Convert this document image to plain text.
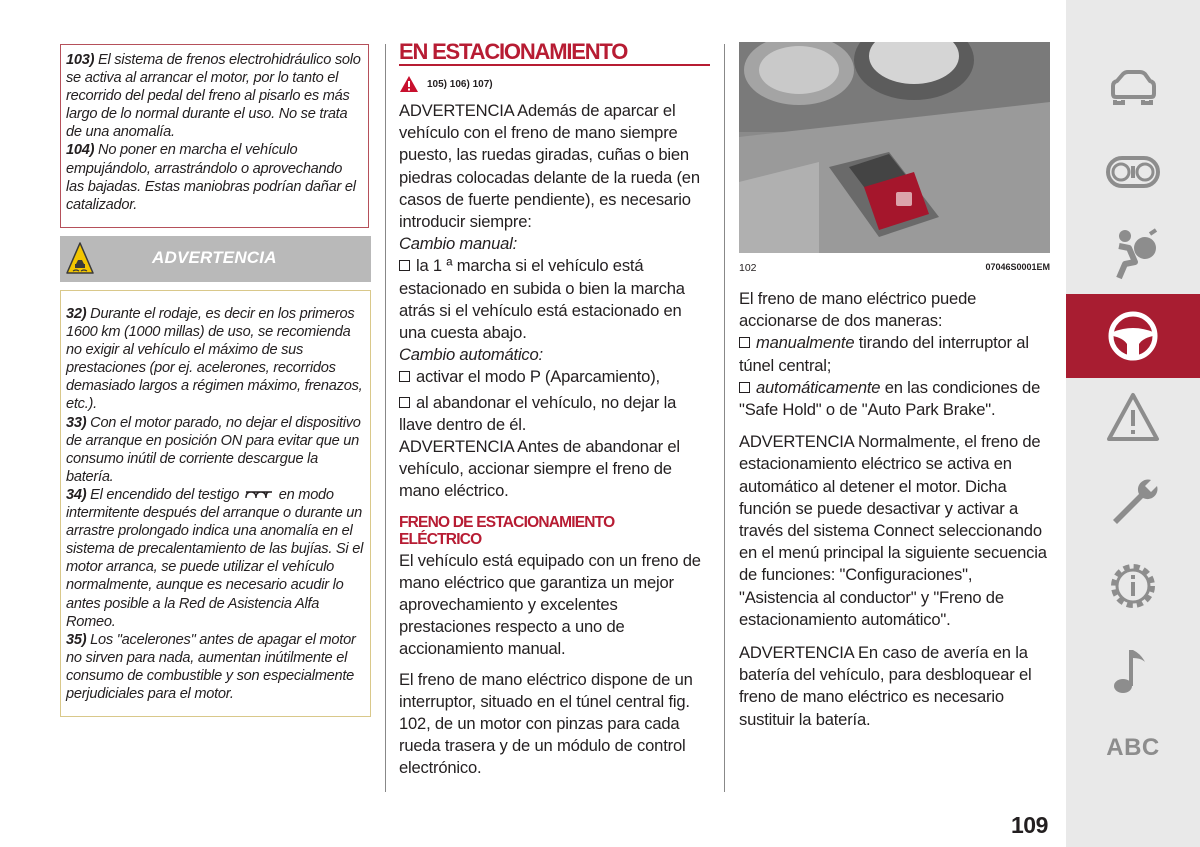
103) El sistema de frenos electrohidráulico solo se activa al arrancar el motor, por lo tanto el recorrido del pedal del freno al pisarlo es más largo de lo normal durante el uso. No se trata de una anomalía.

104) No poner en marcha el vehículo empujándolo, arrastrándolo o aprovechando las bajadas. Estas maniobras podrían dañar el catalizador.

ADVERTENCIA

32) Durante el rodaje, es decir en los primeros 1600 km (1000 millas) de uso, se recomienda no exigir al vehículo el máximo de sus prestaciones (por ej. acelerones, recorridos demasiado largos a régimen máximo, frenazos, etc.).

33) Con el motor parado, no dejar el dispositivo de arranque en posición ON para evitar que un consumo inútil de corriente descargue la batería.

34) El encendido del testigo	en modo intermitente después del arranque o durante un arrastre prolongado indica una anomalía en el sistema de precalentamiento de las bujías. Si el motor arranca, se puede utilizar el vehículo normalmente, aunque es necesario acudir lo antes posible a la Red de Asistencia Alfa Romeo.

35) Los "acelerones" antes de apagar el motor no sirven para nada, aumentan inútilmente el consumo de combustible y son especialmente perjudiciales para el motor.

EN ESTACIONAMIENTO
105) 106) 107)

ADVERTENCIA Además de aparcar el vehículo con el freno de mano siempre puesto, las ruedas giradas, cuñas o bien piedras colocadas delante de la rueda (en casos de fuerte pendiente), es necesario introducir siempre:

Cambio manual:

la 1 ª marcha si el vehículo está estacionado en subida o bien la marcha atrás si el vehículo está estacionado en una cuesta abajo.

Cambio automático:

activar el modo P (Aparcamiento),

al abandonar el vehículo, no dejar la llave dentro de él.

ADVERTENCIA Antes de abandonar el vehículo, accionar siempre el freno de mano eléctrico.

FRENO DE ESTACIONAMIENTO
ELÉCTRICO

El vehículo está equipado con un freno de mano eléctrico que garantiza un mejor aprovechamiento y excelentes prestaciones respecto a uno de accionamiento manual.

El freno de mano eléctrico dispone de un interruptor, situado en el túnel central fig. 102, de un motor con pinzas para cada rueda trasera y de un módulo de control electrónico.

102	07046S0001EM

El freno de mano eléctrico puede accionarse de dos maneras:

manualmente tirando del interruptor al túnel central;

automáticamente en las condiciones de "Safe Hold" o de "Auto Park Brake".

ADVERTENCIA Normalmente, el freno de estacionamiento eléctrico se activa en automático al detener el motor. Dicha función se puede desactivar y activar a través del sistema Connect seleccionando en el menú principal la siguiente secuencia de funciones: "Configuraciones", "Asistencia al conductor" y "Freno de estacionamiento automático".

ADVERTENCIA En caso de avería en la batería del vehículo, para desbloquear el freno de mano eléctrico es necesario sustituir la batería.

ABC
109
